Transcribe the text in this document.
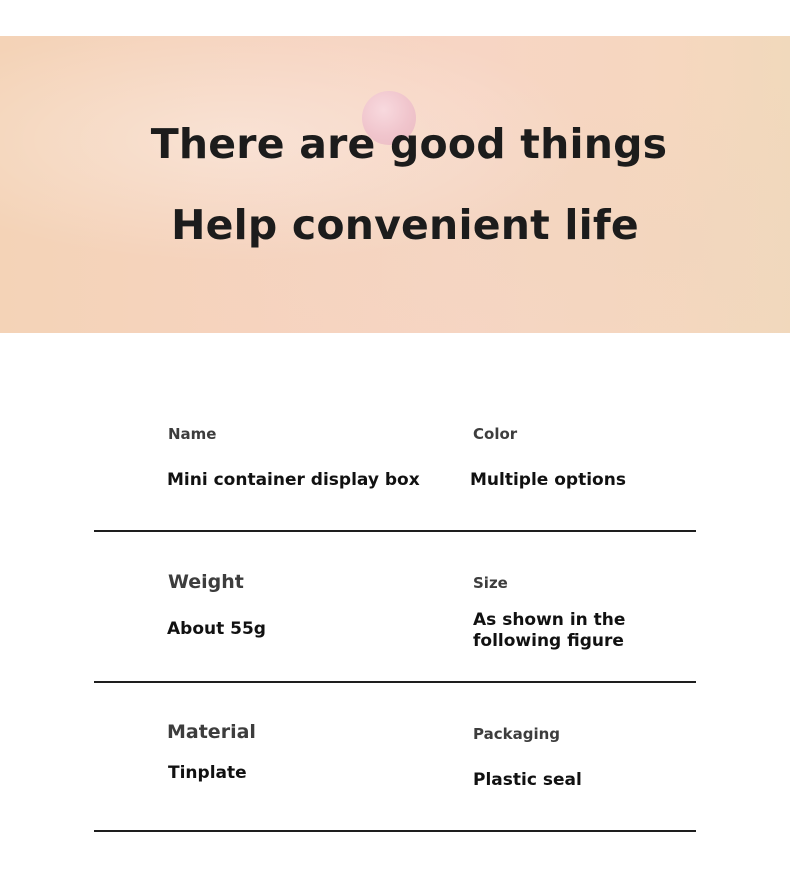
There are good things
Help convenient life
Name
Mini container display box
Color
Multiple options
Weight
About 55g
Size
As shown in the
following figure
Material
Tinplate
Packaging
Plastic seal
